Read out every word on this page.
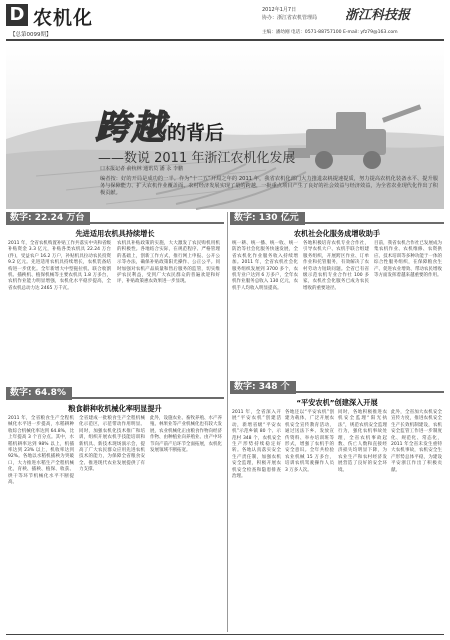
D 农机化
【总第0099期】
2012年1月7日
协办：浙江省农机管理局
主编：潘幼刚 电话：0571-88757100 E-mail: yfz79@163.com
浙江科技报
跨越的背后
——数说 2011 年浙江农机化发展
口本报记者 俞杭林 通讯员 潘 永 李鹏
编者按：好的开局是成功的一半。作为“十二五”开局之年的 2011 年，我省农机化部门大力推进农机提速提质，努力提高农机化装备水平、提升服务与保障能力、扩大农机作业覆盖面、农村经济发展实现了量的跨越，一批重点项目产生了良好的社会效益与经济效益，为全省农业现代化作出了积极贡献。
数字: 22.24 万台
先进适用农机具持续增长
2011 年，全省农机购置补贴工作共落实中央和省级补贴资金 3.3 亿元，补贴各类农机具 22.24 万台(件)，受益农户 16.2 万户，补贴机具拉动农民投资 9.2 亿元。先进适用农机具持续增长，农机装备结构进一步优化。全年新增大中型拖拉机、联合收割机、插秧机、植保机械等主要农机具 1.8 万多台，农机作业能力明显增强，农机化水平稳步提高，全省农机总动力达 2465 万千瓦。
农机具补贴政策的实施，大大激发了农民购机用机的积极性。各地结合实际，在规范程序、严格管理的基础上，创新工作方式，推行网上申报、公开公示等办法，确保补贴政策阳光操作、公正公平。同时加强对农机产品质量和售后服务的监管，切实维护农民利益，受到广大农民群众的普遍欢迎和好评，补贴政策惠农效果进一步显现。
数字: 130 亿元
农机社会化服务成增收助手
统一耕、统一播、统一收、统一防治等社会化服务快速发展，全省农机化作业服务收入持续增加。2011 年，全省农机社会化服务组织发展到 3700 多个，农机专业户达到 6 万多户，全年农机作业服务总收入 130 亿元，农机手人均收入明显提高。
各地积极培育农机专业合作社，引导农机大户、农机手联合组建服务组织，开展跨区作业、订单作业和托管服务，有效解决了农村劳动力短缺问题。全省已有省级示范农机专业合作社 100 多家，农机社会化服务已成为农民增收的重要途径。
目前，我省农机合作社已发展成为集农机作业、农机维修、农资供应、技术培训等多种功能于一体的综合性服务组织，在保障粮食生产、促进农业增效、带动农民增收等方面发挥着越来越重要的作用。
数字: 64.8%
粮食耕种收机械化率明显提升
2011 年，全省粮食生产全程机械化水平进一步提高，水稻耕种收综合机械化率达到 64.8%，比上年提高 3 个百分点。其中，水稻机耕率达到 98% 以上，机插率达到 23% 以上，机收率达到 92%。各地以水稻机插秧为突破口，大力推进水稻生产全程机械化，育秧、插秧、植保、收获、烘干等环节机械化水平不断提高。
全省建成一批粮食生产全程机械化示范区，示范带动作用明显。同时，加强农机化技术推广和培训，组织开展农机手技能培训和新机具、新技术现场演示会，提高了广大农民群众应用先进农机技术的能力，为保障全省粮食安全、推进现代农业发展提供了有力支撑。
此外，设施农业、畜牧养殖、水产养殖、林果业等产业机械化也有较大发展，农业机械化正由粮食作物向经济作物、由种植业向养殖业、由产中环节向产前产后环节全面拓展，农机化发展领域不断拓宽。
数字: 348 个
“平安农机”创建深入开展
2011 年，全省深入开展“平安农机”创建活动，新增省级“平安农机”示范乡镇 80 个、示范村 348 个，农机安全生产形势持续稳定好转。各地认真落实安全生产责任制，加强农机安全监理，积极开展农机安全检查和隐患排查治理。
各地还以“平安农机”创建为载体，广泛开展农机安全宣传教育活动，通过送法下乡、发放宣传资料、举办培训班等形式，增强了农机手的安全意识。全年共检验农业机械 15 万多台，培训农机驾驶操作人员 3 万多人次。
同时，各地积极推进农机安全监理“阳光执法”，规范农机安全监理行为，强化农机事故处理，全省农机事故起数、伤亡人数和直接经济损失均明显下降，为农业生产和农村经济发展营造了良好的安全环境。
此外，全省加大农机安全宣传力度，推进农机安全生产长效机制建设，农机安全监管工作进一步制度化、规范化、常态化，2011 年全省未发生重特大农机事故，农机安全生产形势总体平稳，为建设平安浙江作出了积极贡献。
